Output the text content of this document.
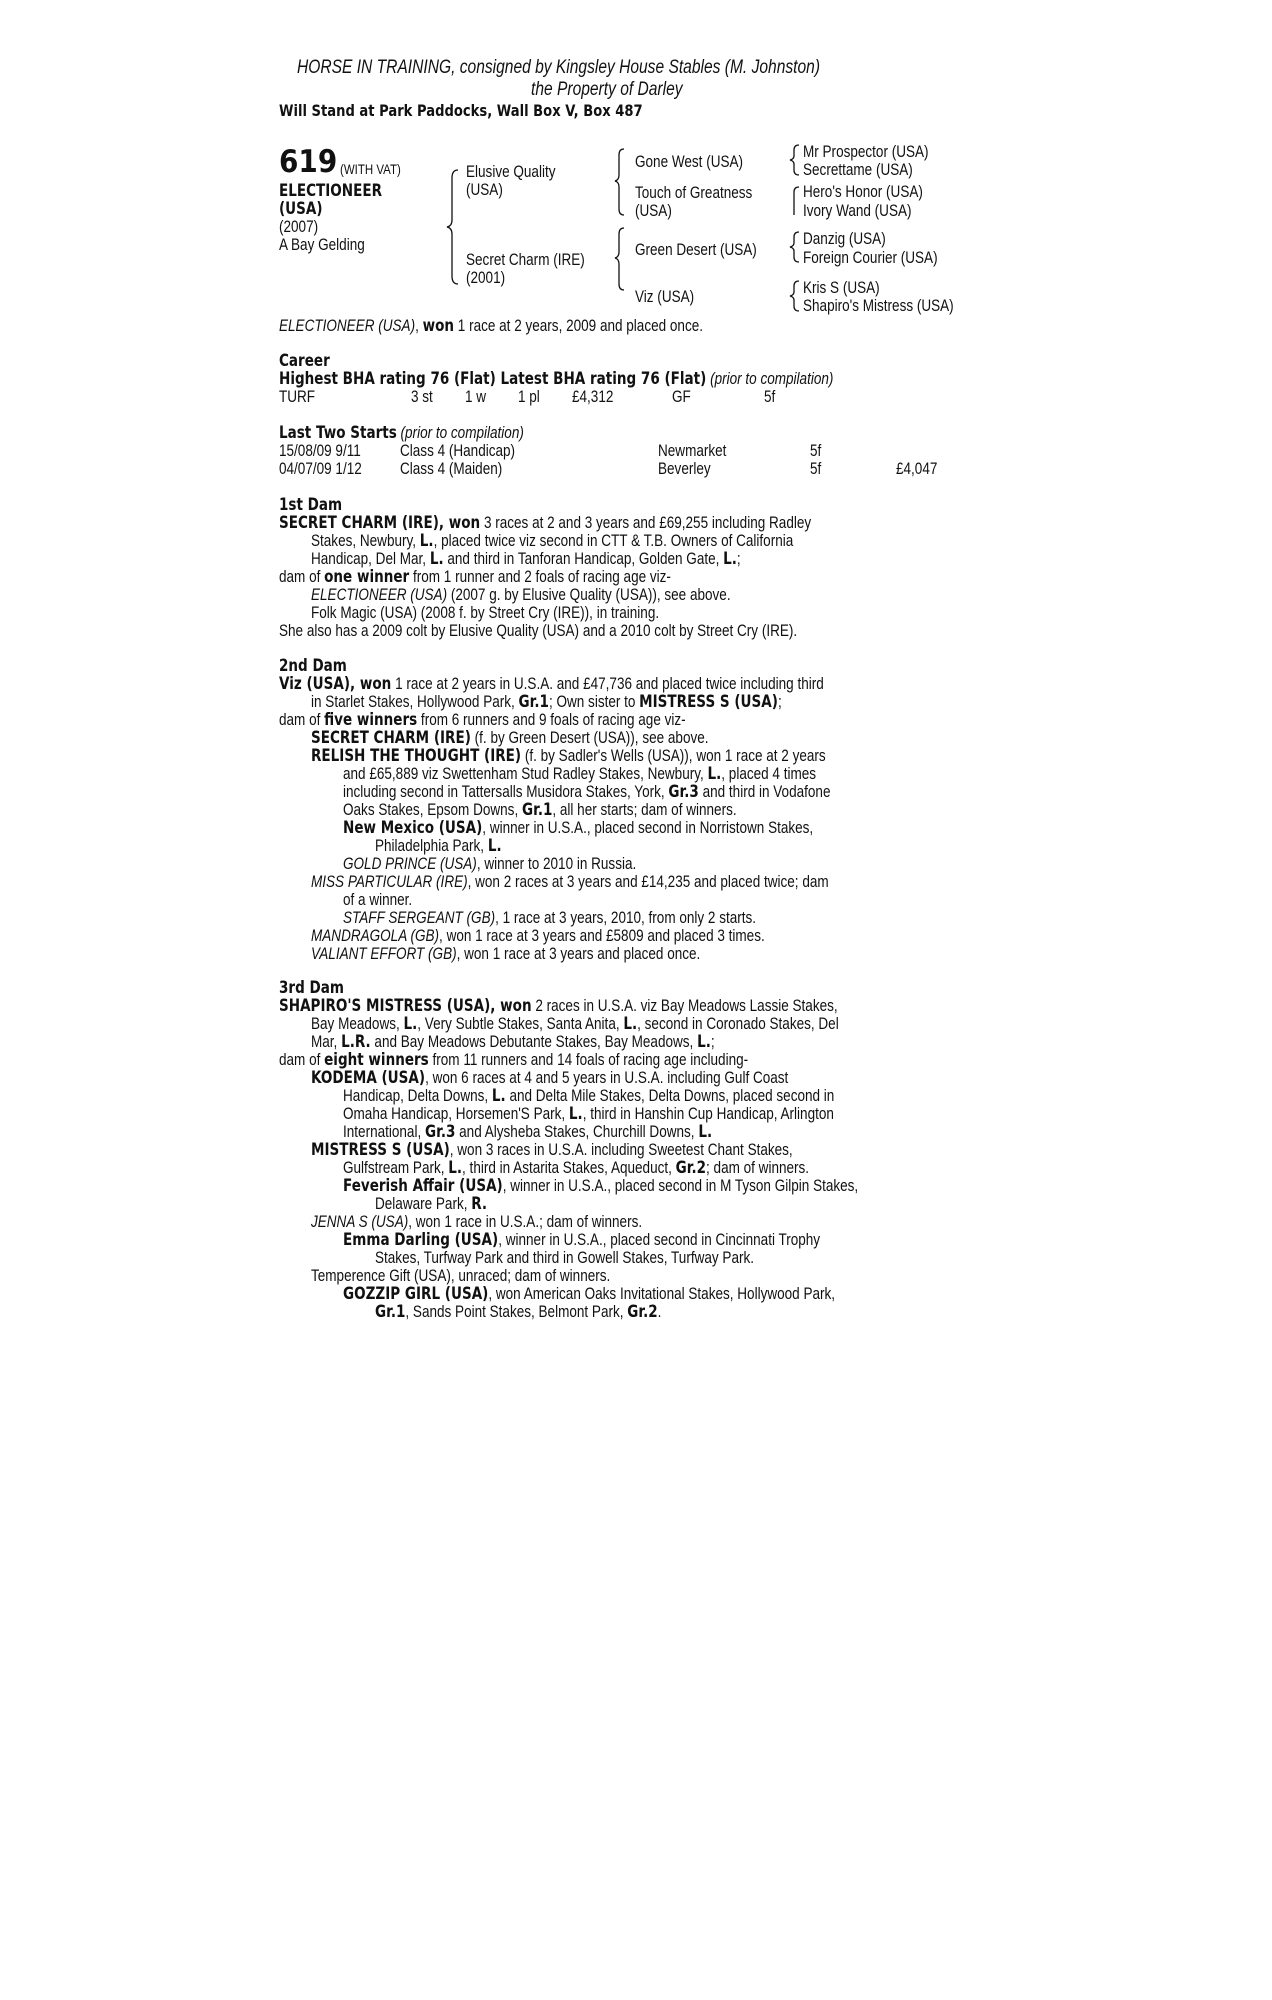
HORSE IN TRAINING, consigned by Kingsley House Stables (M. Johnston)
the Property of Darley
Will Stand at Park Paddocks, Wall Box V, Box 487
619 (WITH VAT)
ELECTIONEER
(USA)
(2007)
A Bay Gelding
Elusive Quality
(USA)
Secret Charm (IRE)
(2001)
Gone West (USA)
Touch of Greatness
(USA)
Green Desert (USA)
Viz (USA)
Mr Prospector (USA)
Secrettame (USA)
Hero's Honor (USA)
Ivory Wand (USA)
Danzig (USA)
Foreign Courier (USA)
Kris S (USA)
Shapiro's Mistress (USA)
ELECTIONEER (USA), won 1 race at 2 years, 2009 and placed once.
Career
Highest BHA rating 76 (Flat) Latest BHA rating 76 (Flat) (prior to compilation)
TURF	3 st 1 w 1 pl £4,312	GF	5f
Last Two Starts (prior to compilation)
15/08/09 9/11 Class 4 (Handicap)	Newmarket	5f
04/07/09 1/12 Class 4 (Maiden)	Beverley	5f	£4,047
1st Dam
SECRET CHARM (IRE), won 3 races at 2 and 3 years and £69,255 including Radley
Stakes, Newbury, L., placed twice viz second in CTT & T.B. Owners of California
Handicap, Del Mar, L. and third in Tanforan Handicap, Golden Gate, L.;
dam of one winner from 1 runner and 2 foals of racing age viz-
ELECTIONEER (USA) (2007 g. by Elusive Quality (USA)), see above.
Folk Magic (USA) (2008 f. by Street Cry (IRE)), in training.
She also has a 2009 colt by Elusive Quality (USA) and a 2010 colt by Street Cry (IRE).
2nd Dam
Viz (USA), won 1 race at 2 years in U.S.A. and £47,736 and placed twice including third
in Starlet Stakes, Hollywood Park, Gr.1; Own sister to MISTRESS S (USA);
dam of five winners from 6 runners and 9 foals of racing age viz-
SECRET CHARM (IRE) (f. by Green Desert (USA)), see above.
RELISH THE THOUGHT (IRE) (f. by Sadler's Wells (USA)), won 1 race at 2 years
and £65,889 viz Swettenham Stud Radley Stakes, Newbury, L., placed 4 times
including second in Tattersalls Musidora Stakes, York, Gr.3 and third in Vodafone
Oaks Stakes, Epsom Downs, Gr.1, all her starts; dam of winners.
New Mexico (USA), winner in U.S.A., placed second in Norristown Stakes,
Philadelphia Park, L.
GOLD PRINCE (USA), winner to 2010 in Russia.
MISS PARTICULAR (IRE), won 2 races at 3 years and £14,235 and placed twice; dam
of a winner.
STAFF SERGEANT (GB), 1 race at 3 years, 2010, from only 2 starts.
MANDRAGOLA (GB), won 1 race at 3 years and £5809 and placed 3 times.
VALIANT EFFORT (GB), won 1 race at 3 years and placed once.
3rd Dam
SHAPIRO'S MISTRESS (USA), won 2 races in U.S.A. viz Bay Meadows Lassie Stakes,
Bay Meadows, L., Very Subtle Stakes, Santa Anita, L., second in Coronado Stakes, Del
Mar, L.R. and Bay Meadows Debutante Stakes, Bay Meadows, L.;
dam of eight winners from 11 runners and 14 foals of racing age including-
KODEMA (USA), won 6 races at 4 and 5 years in U.S.A. including Gulf Coast
Handicap, Delta Downs, L. and Delta Mile Stakes, Delta Downs, placed second in
Omaha Handicap, Horsemen'S Park, L., third in Hanshin Cup Handicap, Arlington
International, Gr.3 and Alysheba Stakes, Churchill Downs, L.
MISTRESS S (USA), won 3 races in U.S.A. including Sweetest Chant Stakes,
Gulfstream Park, L., third in Astarita Stakes, Aqueduct, Gr.2; dam of winners.
Feverish Affair (USA), winner in U.S.A., placed second in M Tyson Gilpin Stakes,
Delaware Park, R.
JENNA S (USA), won 1 race in U.S.A.; dam of winners.
Emma Darling (USA), winner in U.S.A., placed second in Cincinnati Trophy
Stakes, Turfway Park and third in Gowell Stakes, Turfway Park.
Temperence Gift (USA), unraced; dam of winners.
GOZZIP GIRL (USA), won American Oaks Invitational Stakes, Hollywood Park,
Gr.1, Sands Point Stakes, Belmont Park, Gr.2.
